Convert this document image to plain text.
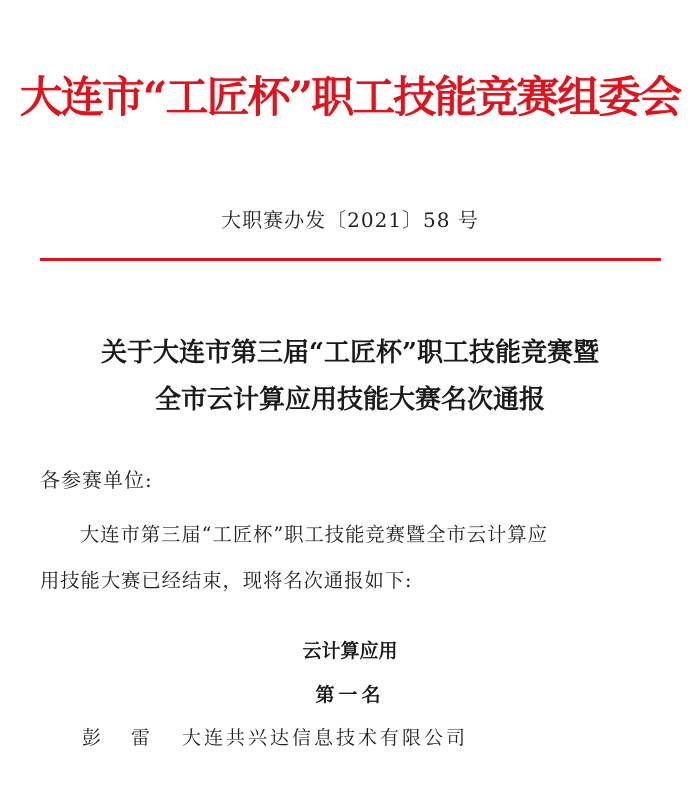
大连市“工匠杯”职工技能竞赛组委会
大职赛办发〔2021〕58 号
关于大连市第三届“工匠杯”职工技能竞赛暨
全市云计算应用技能大赛名次通报
各参赛单位:
大连市第三届“工匠杯”职工技能竞赛暨全市云计算应
用技能大赛已经结束，现将名次通报如下:
云计算应用
第一名
彭雷 大连共兴达信息技术有限公司
